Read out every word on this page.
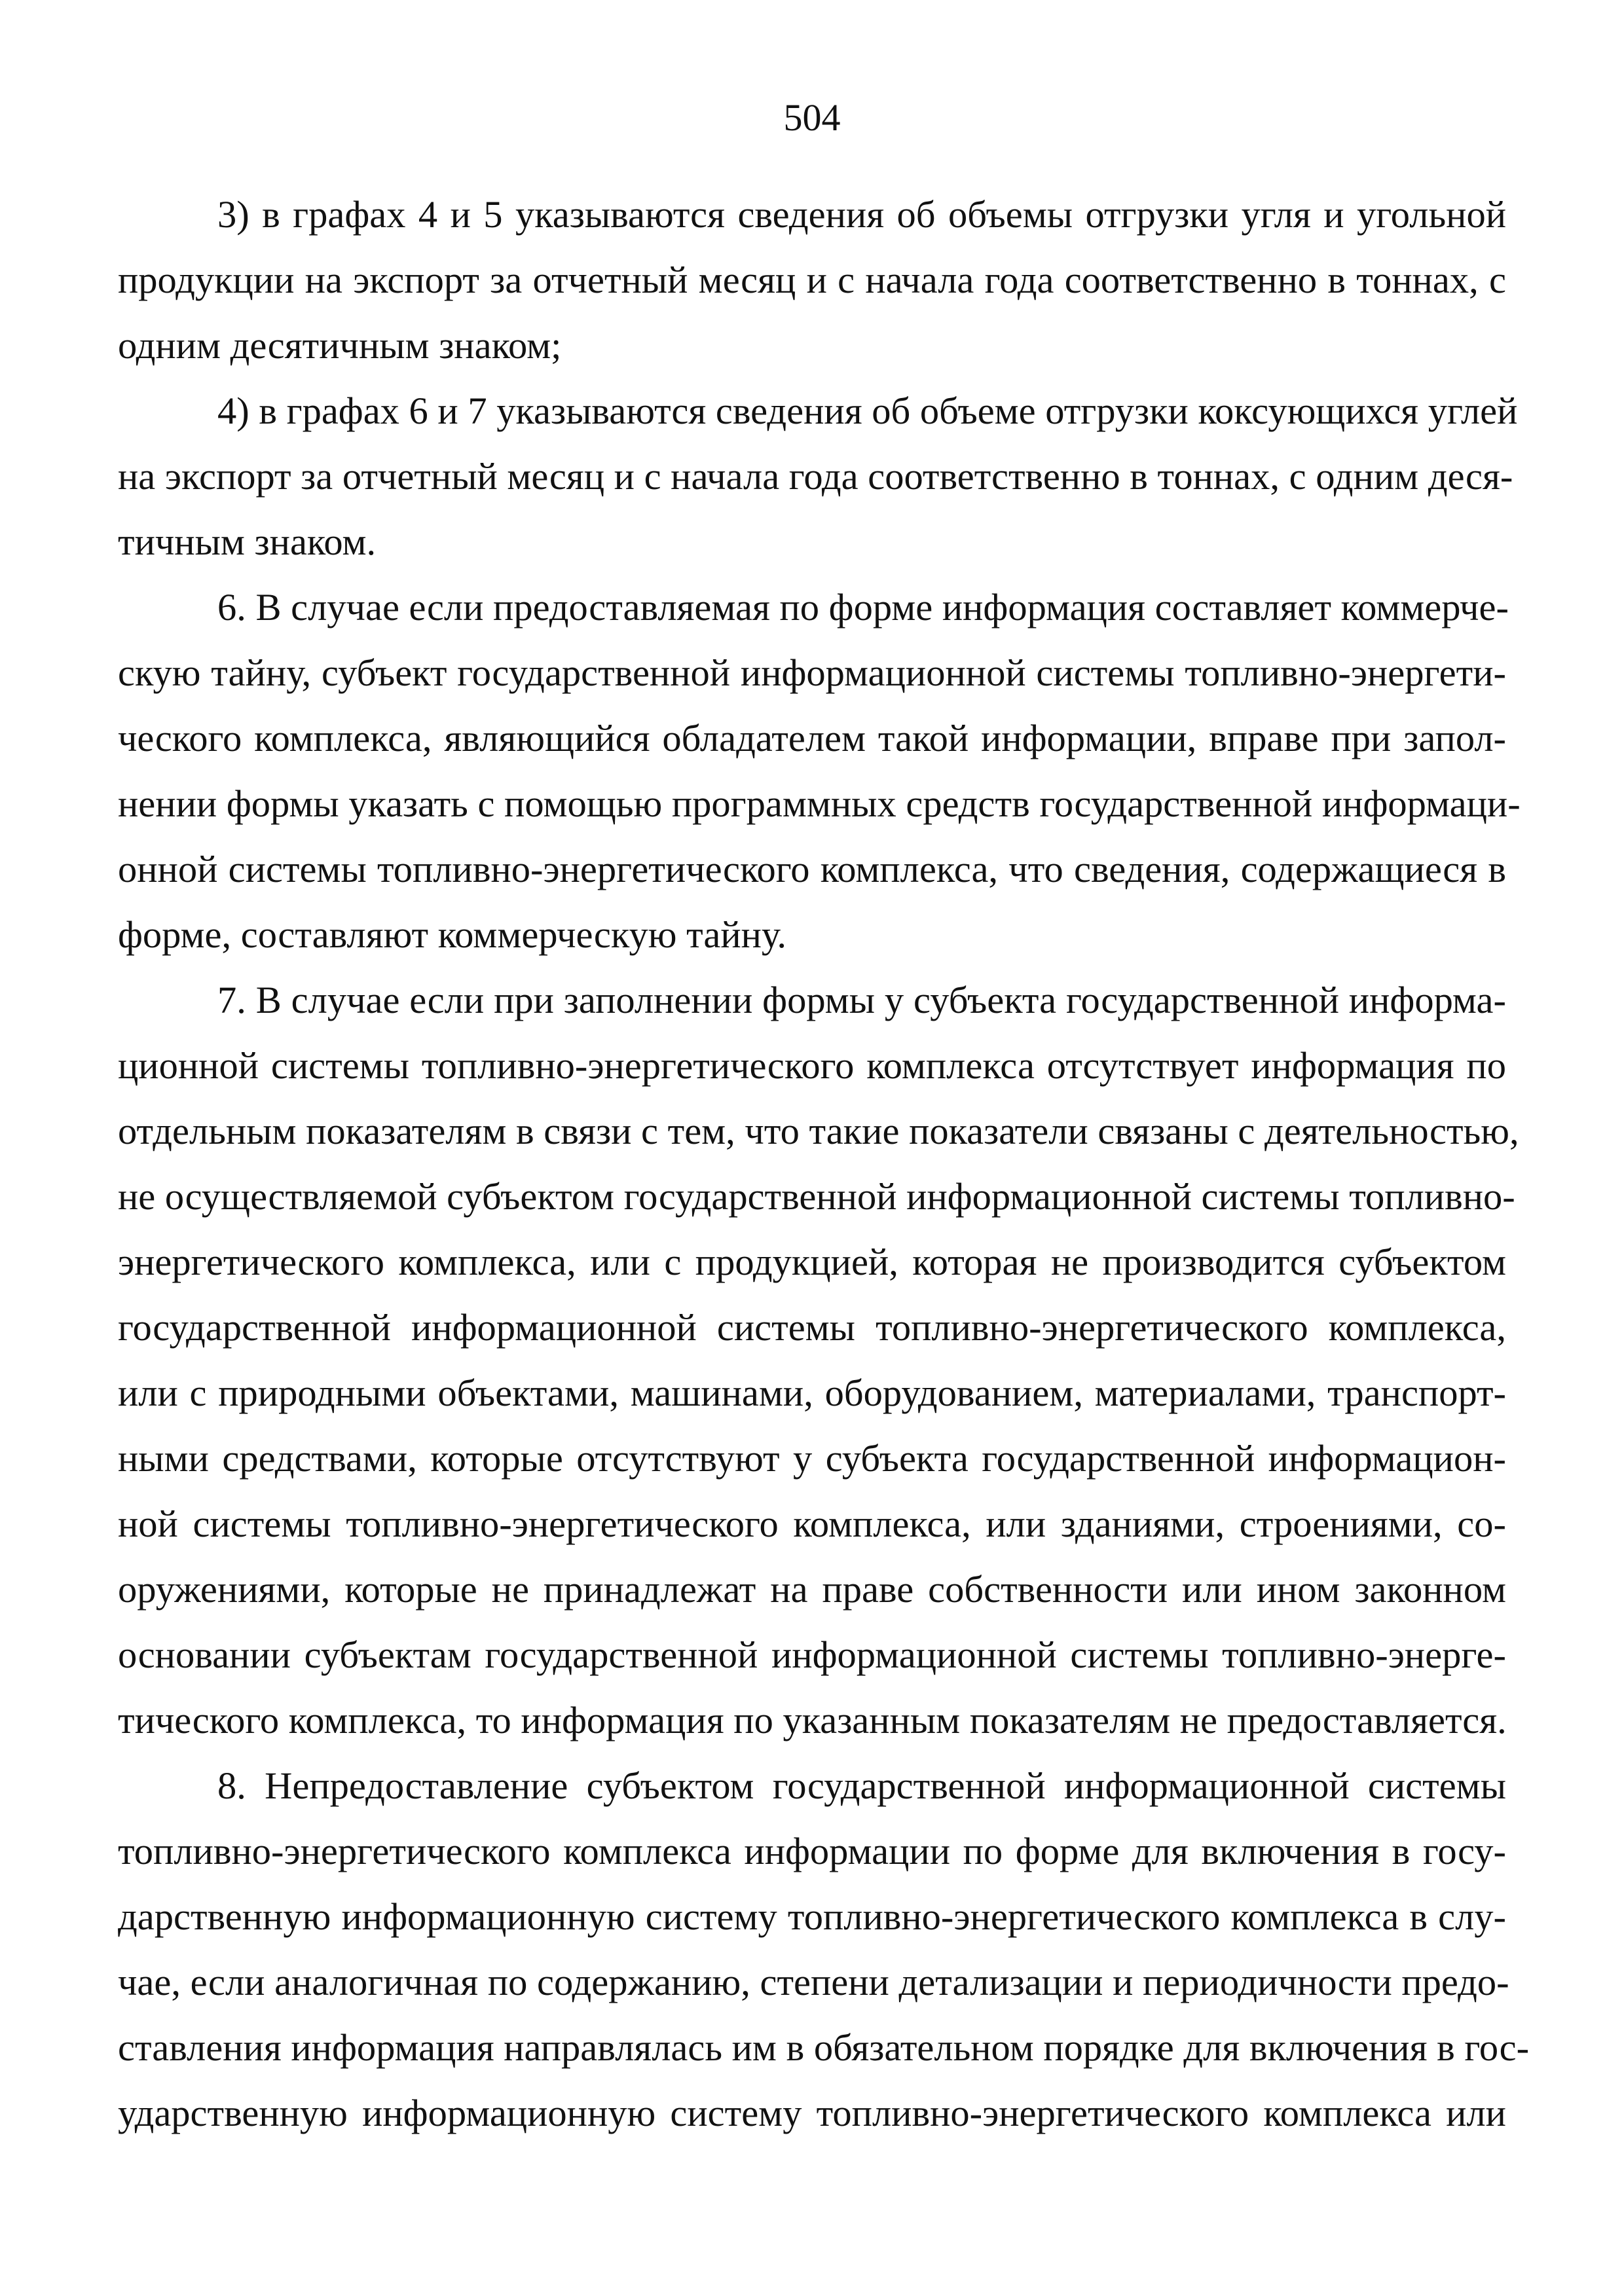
504
3) в графах 4 и 5 указываются сведения об объемы отгрузки угля и угольной
продукции на экспорт за отчетный месяц и с начала года соответственно в тоннах, с
одним десятичным знаком;
4) в графах 6 и 7 указываются сведения об объеме отгрузки коксующихся углей
на экспорт за отчетный месяц и с начала года соответственно в тоннах, с одним деся-
тичным знаком.
6. В случае если предоставляемая по форме информация составляет коммерче-
скую тайну, субъект государственной информационной системы топливно-энергети-
ческого комплекса, являющийся обладателем такой информации, вправе при запол-
нении формы указать с помощью программных средств государственной информаци-
онной системы топливно-энергетического комплекса, что сведения, содержащиеся в
форме, составляют коммерческую тайну.
7. В случае если при заполнении формы у субъекта государственной информа-
ционной системы топливно-энергетического комплекса отсутствует информация по
отдельным показателям в связи с тем, что такие показатели связаны с деятельностью,
не осуществляемой субъектом государственной информационной системы топливно-
энергетического комплекса, или с продукцией, которая не производится субъектом
государственной информационной системы топливно-энергетического комплекса,
или с природными объектами, машинами, оборудованием, материалами, транспорт-
ными средствами, которые отсутствуют у субъекта государственной информацион-
ной системы топливно-энергетического комплекса, или зданиями, строениями, со-
оружениями, которые не принадлежат на праве собственности или ином законном
основании субъектам государственной информационной системы топливно-энерге-
тического комплекса, то информация по указанным показателям не предоставляется.
8. Непредоставление субъектом государственной информационной системы
топливно-энергетического комплекса информации по форме для включения в госу-
дарственную информационную систему топливно-энергетического комплекса в слу-
чае, если аналогичная по содержанию, степени детализации и периодичности предо-
ставления информация направлялась им в обязательном порядке для включения в гос-
ударственную информационную систему топливно-энергетического комплекса или
